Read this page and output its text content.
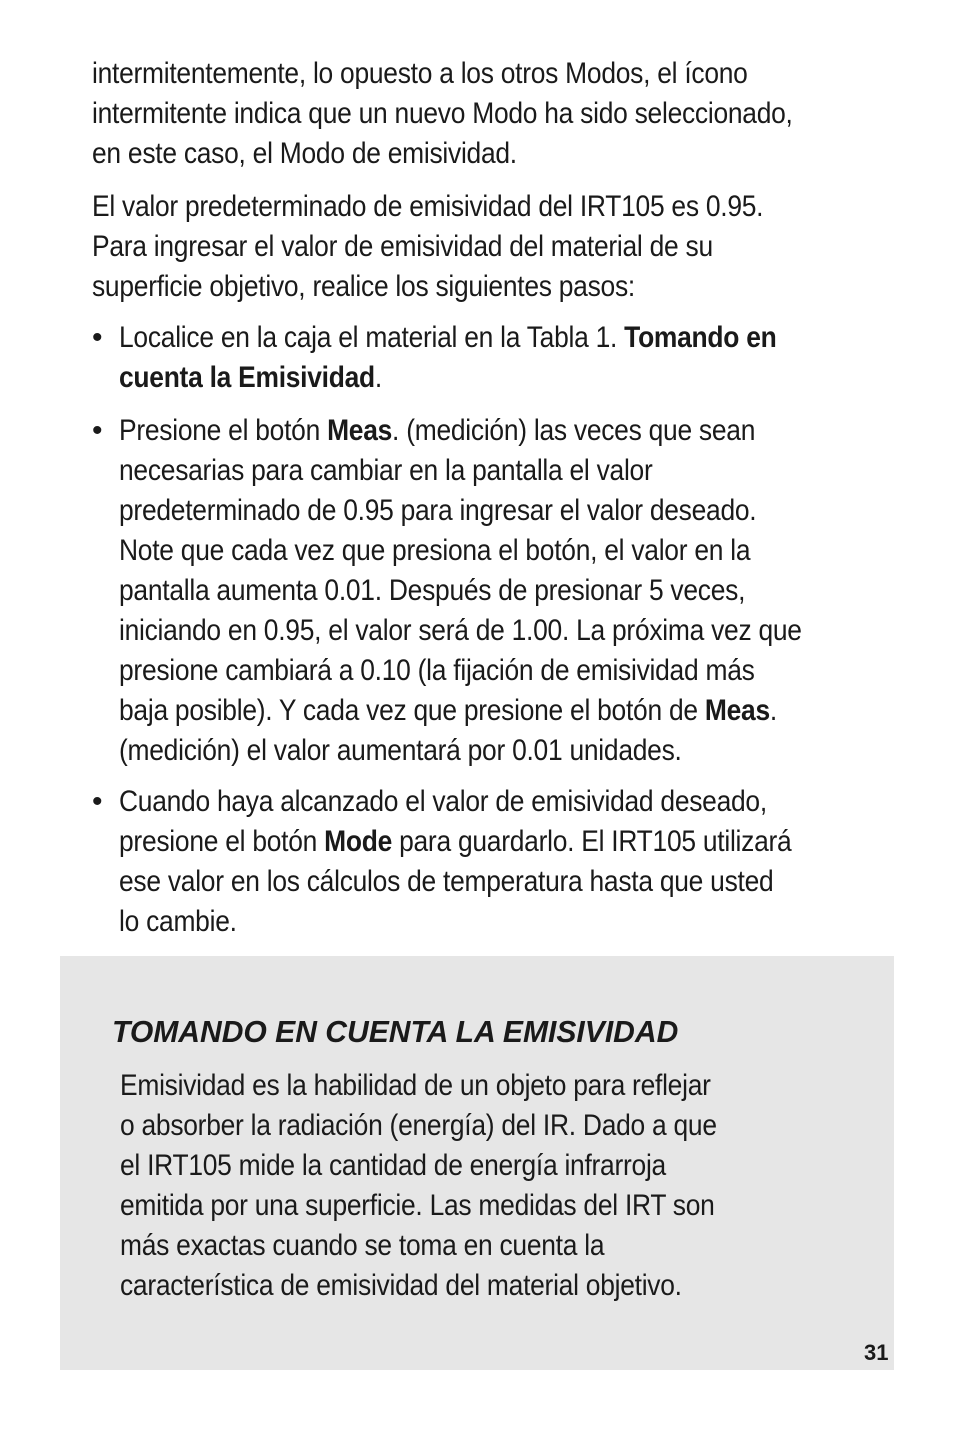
intermitentemente, lo opuesto a los otros Modos, el ícono

intermitente indica que un nuevo Modo ha sido seleccionado,

en este caso, el Modo de emisividad.

El valor predeterminado de emisividad del IRT105 es 0.95.

Para ingresar el valor de emisividad del material de su

superficie objetivo, realice los siguientes pasos:

• Localice en la caja el material en la Tabla 1. Tomando en

cuenta la Emisividad.

• Presione el botón Meas. (medición) las veces que sean

necesarias para cambiar en la pantalla el valor

predeterminado de 0.95 para ingresar el valor deseado.

Note que cada vez que presiona el botón, el valor en la

pantalla aumenta 0.01. Después de presionar 5 veces,

iniciando en 0.95, el valor será de 1.00. La próxima vez que

presione cambiará a 0.10 (la fijación de emisividad más

baja posible). Y cada vez que presione el botón de Meas.

(medición) el valor aumentará por 0.01 unidades.

• Cuando haya alcanzado el valor de emisividad deseado,

presione el botón Mode para guardarlo. El IRT105 utilizará

ese valor en los cálculos de temperatura hasta que usted

lo cambie.

TOMANDO EN CUENTA LA EMISIVIDAD

Emisividad es la habilidad de un objeto para reflejar

o absorber la radiación (energía) del IR. Dado a que

el IRT105 mide la cantidad de energía infrarroja

emitida por una superficie. Las medidas del IRT son

más exactas cuando se toma en cuenta la

característica de emisividad del material objetivo.

31
